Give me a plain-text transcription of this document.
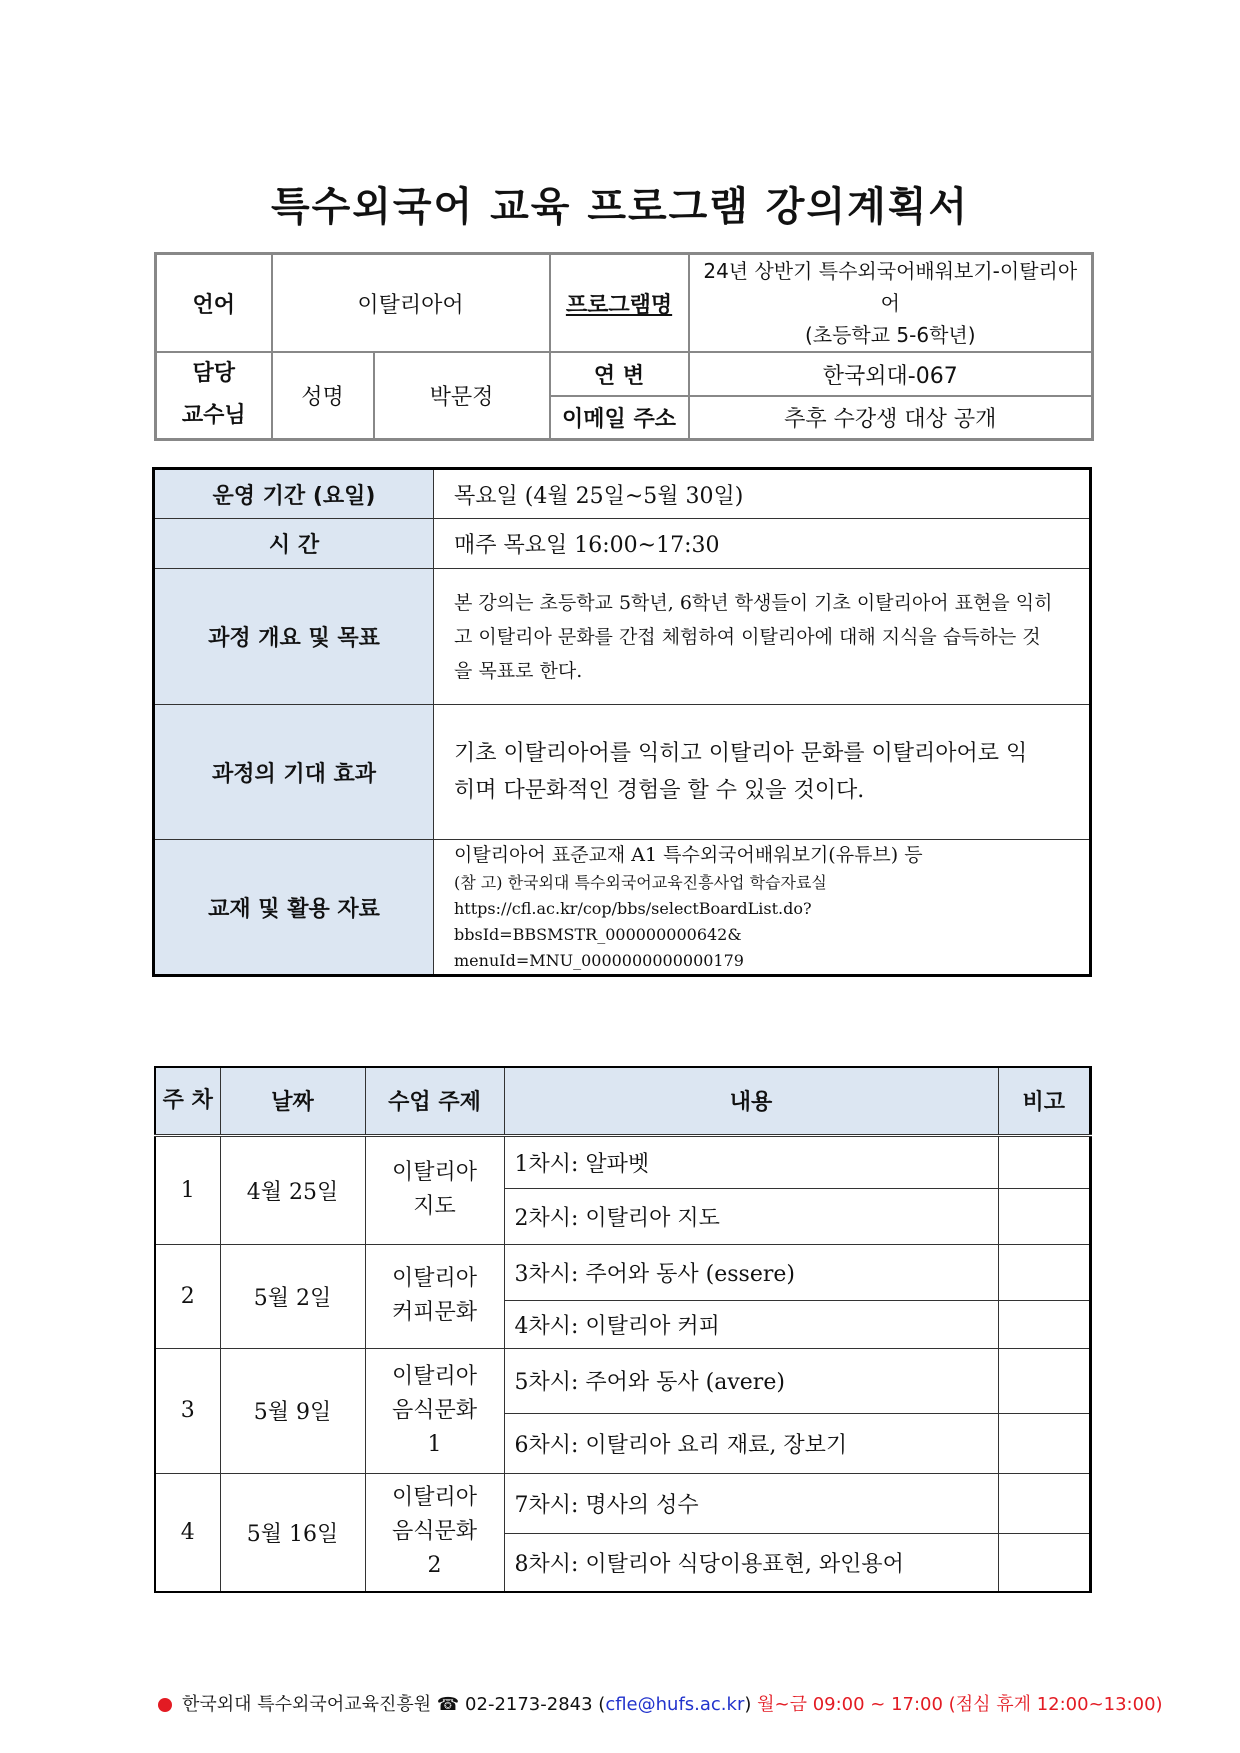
특수외국어 교육 프로그램 강의계획서
언어	이탈리아어		프로그램명	24년 상반기 특수외국어배워보기-이탈리아어
(초등학교 5-6학년)

담당
교수님	성명	박문정	연 변	한국외대-067
			이메일 주소	추후 수강생 대상 공개
운영 기간 (요일)	목요일 (4월 25일~5월 30일)
시 간	매주 목요일 16:00~17:30
과정 개요 및 목표	본 강의는 초등학교 5학년, 6학년 학생들이 기초 이탈리아어 표현을 익히고 이탈리아 문화를 간접 체험하여 이탈리아에 대해 지식을 습득하는 것 을 목표로 한다.
과정의 기대 효과	기초 이탈리아어를 익히고 이탈리아 문화를 이탈리아어로 익히며 다문화적인 경험을 할 수 있을 것이다.
교재 및 활용 자료	이탈리아어 표준교재 A1 특수외국어배워보기(유튜브) 등
(참 고) 한국외대 특수외국어교육진흥사업 학습자료실
https://cfl.ac.kr/cop/bbs/selectBoardList.do?bbsId=BBSMSTR_000000000642&
menuId=MNU_0000000000000179
주 차	날짜	수업 주제	내용	비고
1	4월 25일	이탈리아 지도	1차시: 알파벳	
			2차시: 이탈리아 지도	
2	5월 2일	이탈리아 커피문화	3차시: 주어와 동사 (essere)	
			4차시: 이탈리아 커피	
3	5월 9일	이탈리아 음식문화 1	5차시: 주어와 동사 (avere)	
			6차시: 이탈리아 요리 재료, 장보기	
4	5월 16일	이탈리아 음식문화 2	7차시: 명사의 성수	
			8차시: 이탈리아 식당이용표현, 와인용어	
한국외대 특수외국어교육진흥원 ☎ 02-2173-2843 (cfle@hufs.ac.kr) 월~금 09:00 ~ 17:00 (점심 휴게 12:00~13:00)
